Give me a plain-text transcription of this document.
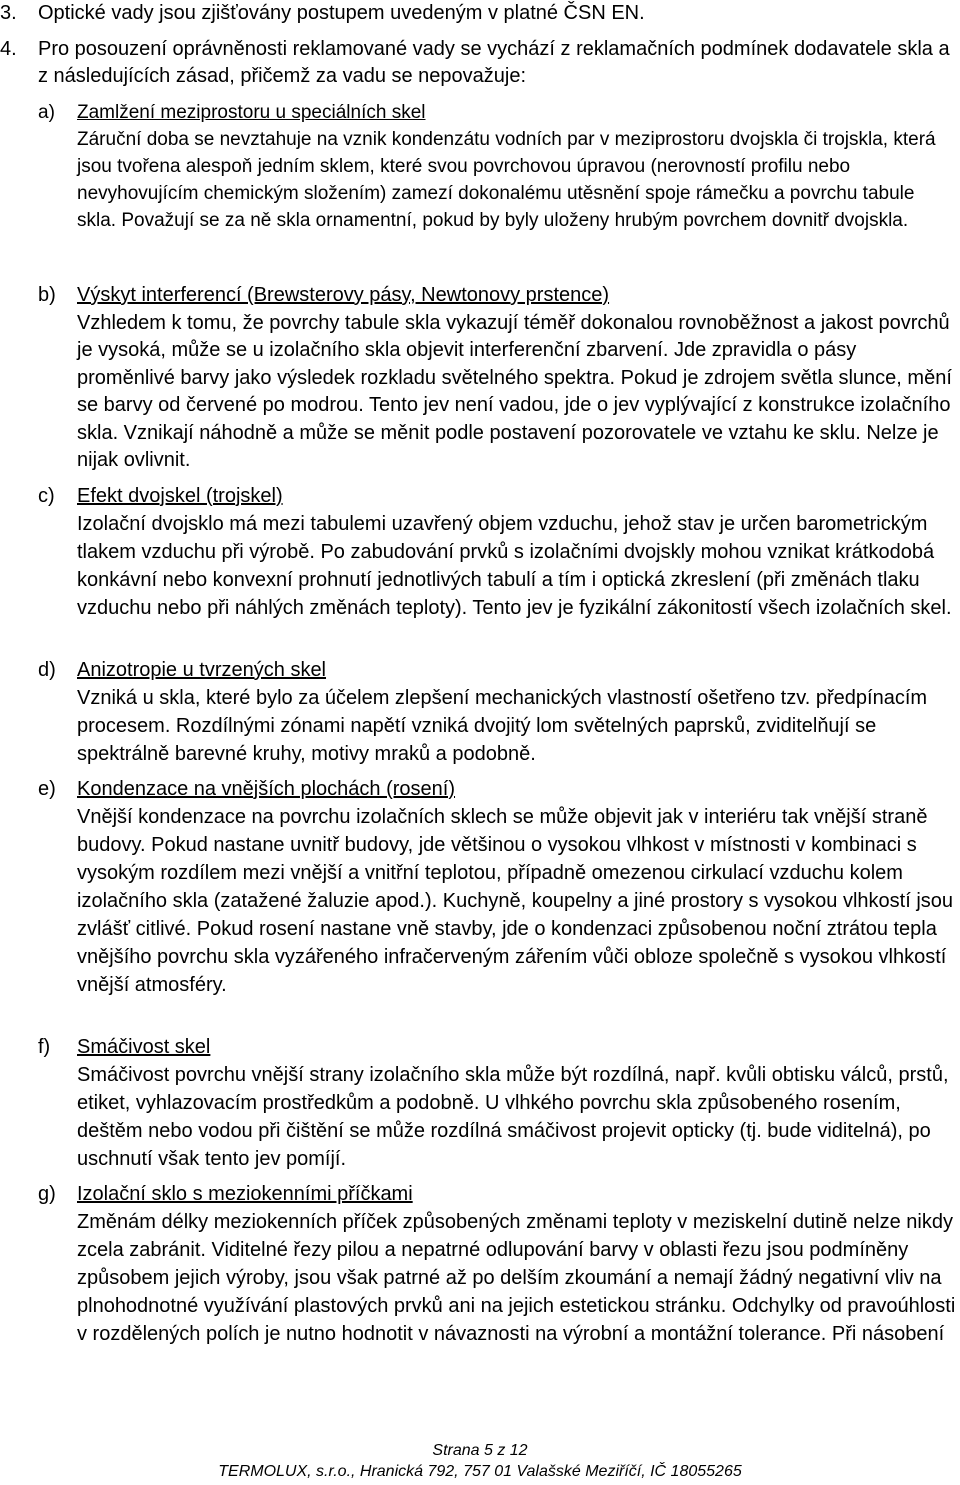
3. Optické vady jsou zjišťovány postupem uvedeným v platné ČSN EN.
4. Pro posouzení oprávněnosti reklamované vady se vychází z reklamačních podmínek dodavatele skla a z následujících zásad, přičemž za vadu se nepovažuje:
a) Zamlžení meziprostoru u speciálních skel
Záruční doba se nevztahuje na vznik kondenzátu vodních par v meziprostoru dvojskla či trojskla, která jsou tvořena alespoň jedním sklem, které svou povrchovou úpravou (nerovností profilu nebo nevyhovujícím chemickým složením) zamezí dokonalému utěsnění spoje rámečku a povrchu tabule skla. Považují se za ně skla ornamentní, pokud by byly uloženy hrubým povrchem dovnitř dvojskla.
b) Výskyt interferencí (Brewsterovy pásy, Newtonovy prstence)
Vzhledem k tomu, že povrchy tabule skla vykazují téměř dokonalou rovnoběžnost a jakost povrchů je vysoká, může se u izolačního skla objevit interferenční zbarvení. Jde zpravidla o pásy proměnlivé barvy jako výsledek rozkladu světelného spektra. Pokud je zdrojem světla slunce, mění se barvy od červené po modrou. Tento jev není vadou, jde o jev vyplývající z konstrukce izolačního skla. Vznikají náhodně a může se měnit podle postavení pozorovatele ve vztahu ke sklu. Nelze je nijak ovlivnit.
c) Efekt dvojskel (trojskel)
Izolační dvojsklo má mezi tabulemi uzavřený objem vzduchu, jehož stav je určen barometrickým tlakem vzduchu při výrobě. Po zabudování prvků s izolačními dvojskly mohou vznikat krátkodobá konkávní nebo konvexní prohnutí jednotlivých tabulí a tím i optická zkreslení (při změnách tlaku vzduchu nebo při náhlých změnách teploty). Tento jev je fyzikální zákonitostí všech izolačních skel.
d) Anizotropie u tvrzených skel
Vzniká u skla, které bylo za účelem zlepšení mechanických vlastností ošetřeno tzv. předpínacím procesem. Rozdílnými zónami napětí vzniká dvojitý lom světelných paprsků, zviditelňují se spektrálně barevné kruhy, motivy mraků a podobně.
e) Kondenzace na vnějších plochách (rosení)
Vnější kondenzace na povrchu izolačních sklech se může objevit jak v interiéru tak vnější straně budovy. Pokud nastane uvnitř budovy, jde většinou o vysokou vlhkost v místnosti v kombinaci s vysokým rozdílem mezi vnější a vnitřní teplotou, případně omezenou cirkulací vzduchu kolem izolačního skla (zatažené žaluzie apod.). Kuchyně, koupelny a jiné prostory s vysokou vlhkostí jsou zvlášť citlivé. Pokud rosení nastane vně stavby, jde o kondenzaci způsobenou noční ztrátou tepla vnějšího povrchu skla vyzářeného infračerveným zářením vůči obloze společně s vysokou vlhkostí vnější atmosféry.
f) Smáčivost skel
Smáčivost povrchu vnější strany izolačního skla může být rozdílná, např. kvůli obtisku válců, prstů, etiket, vyhlazovacím prostředkům a podobně. U vlhkého povrchu skla způsobeného rosením, deštěm nebo vodou při čištění se může rozdílná smáčivost projevit opticky (tj. bude viditelná), po uschnutí však tento jev pomíjí.
g) Izolační sklo s meziokenními příčkami
Změnám délky meziokenních příček způsobených změnami teploty v meziskelní dutině nelze nikdy zcela zabránit. Viditelné řezy pilou a nepatrné odlupování barvy v oblasti řezu jsou podmíněny způsobem jejich výroby, jsou však patrné až po delším zkoumání a nemají žádný negativní vliv na plnohodnotné využívání plastových prvků ani na jejich estetickou stránku. Odchylky od pravoúhlosti v rozdělených polích je nutno hodnotit v návaznosti na výrobní a montážní tolerance. Při násobení
Strana 5 z 12
TERMOLUX, s.r.o., Hranická 792, 757 01 Valašské Meziříčí, IČ 18055265
